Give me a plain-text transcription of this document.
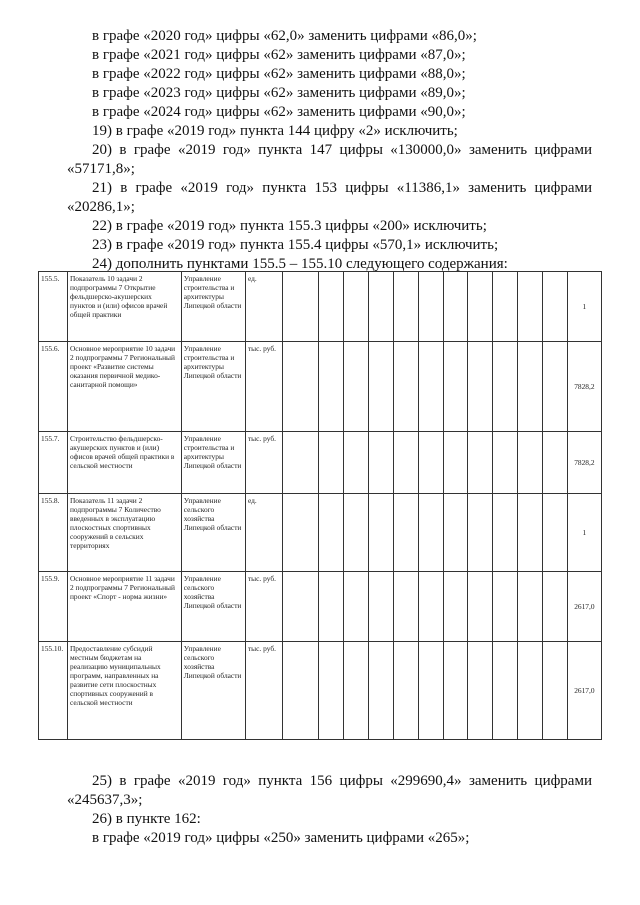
в графе «2020 год» цифры «62,0» заменить цифрами «86,0»;
в графе «2021 год» цифры «62» заменить цифрами «87,0»;
в графе «2022 год» цифры «62» заменить цифрами «88,0»;
в графе «2023 год» цифры «62» заменить цифрами «89,0»;
в графе «2024 год» цифры «62» заменить цифрами «90,0»;
19) в графе «2019 год» пункта 144 цифру «2» исключить;
20) в графе «2019 год» пункта 147 цифры «130000,0» заменить цифрами
«57171,8»;
21) в графе «2019 год» пункта 153 цифры «11386,1» заменить цифрами
«20286,1»;
22) в графе «2019 год» пункта 155.3 цифры «200» исключить;
23) в графе «2019 год» пункта 155.4 цифры «570,1» исключить;
24) дополнить пунктами 155.5 – 155.10 следующего содержания:
155.5.	Показатель 10 задачи 2 подпрограммы 7 Открытие фельдшерско-акушерских пунктов и (или) офисов врачей общей практики	Управление строительства и архитектуры Липецкой области	ед.												1
155.6.	Основное мероприятие 10 задачи 2 подпрограммы 7 Региональный проект «Развитие системы оказания первичной медико-санитарной помощи»	Управление строительства и архитектуры Липецкой области	тыс. руб.												7828,2
155.7.	Строительство фельдшерско-акушерских пунктов и (или) офисов врачей общей практики в сельской местности	Управление строительства и архитектуры Липецкой области	тыс. руб.												7828,2
155.8.	Показатель 11 задачи 2 подпрограммы 7 Количество введенных в эксплуатацию плоскостных спортивных сооружений в сельских территориях	Управление сельского хозяйства Липецкой области	ед.												1
155.9.	Основное мероприятие 11 задачи 2 подпрограммы 7 Региональный проект «Спорт - норма жизни»	Управление сельского хозяйства Липецкой области	тыс. руб.												2617,0
155.10.	Предоставление субсидий местным бюджетам на реализацию муниципальных программ, направленных на развитие сети плоскостных спортивных сооружений в сельской местности	Управление сельского хозяйства Липецкой области	тыс. руб.												2617,0
25) в графе «2019 год» пункта 156 цифры «299690,4» заменить цифрами
«245637,3»;
26) в пункте 162:
в графе «2019 год» цифры «250» заменить цифрами «265»;
